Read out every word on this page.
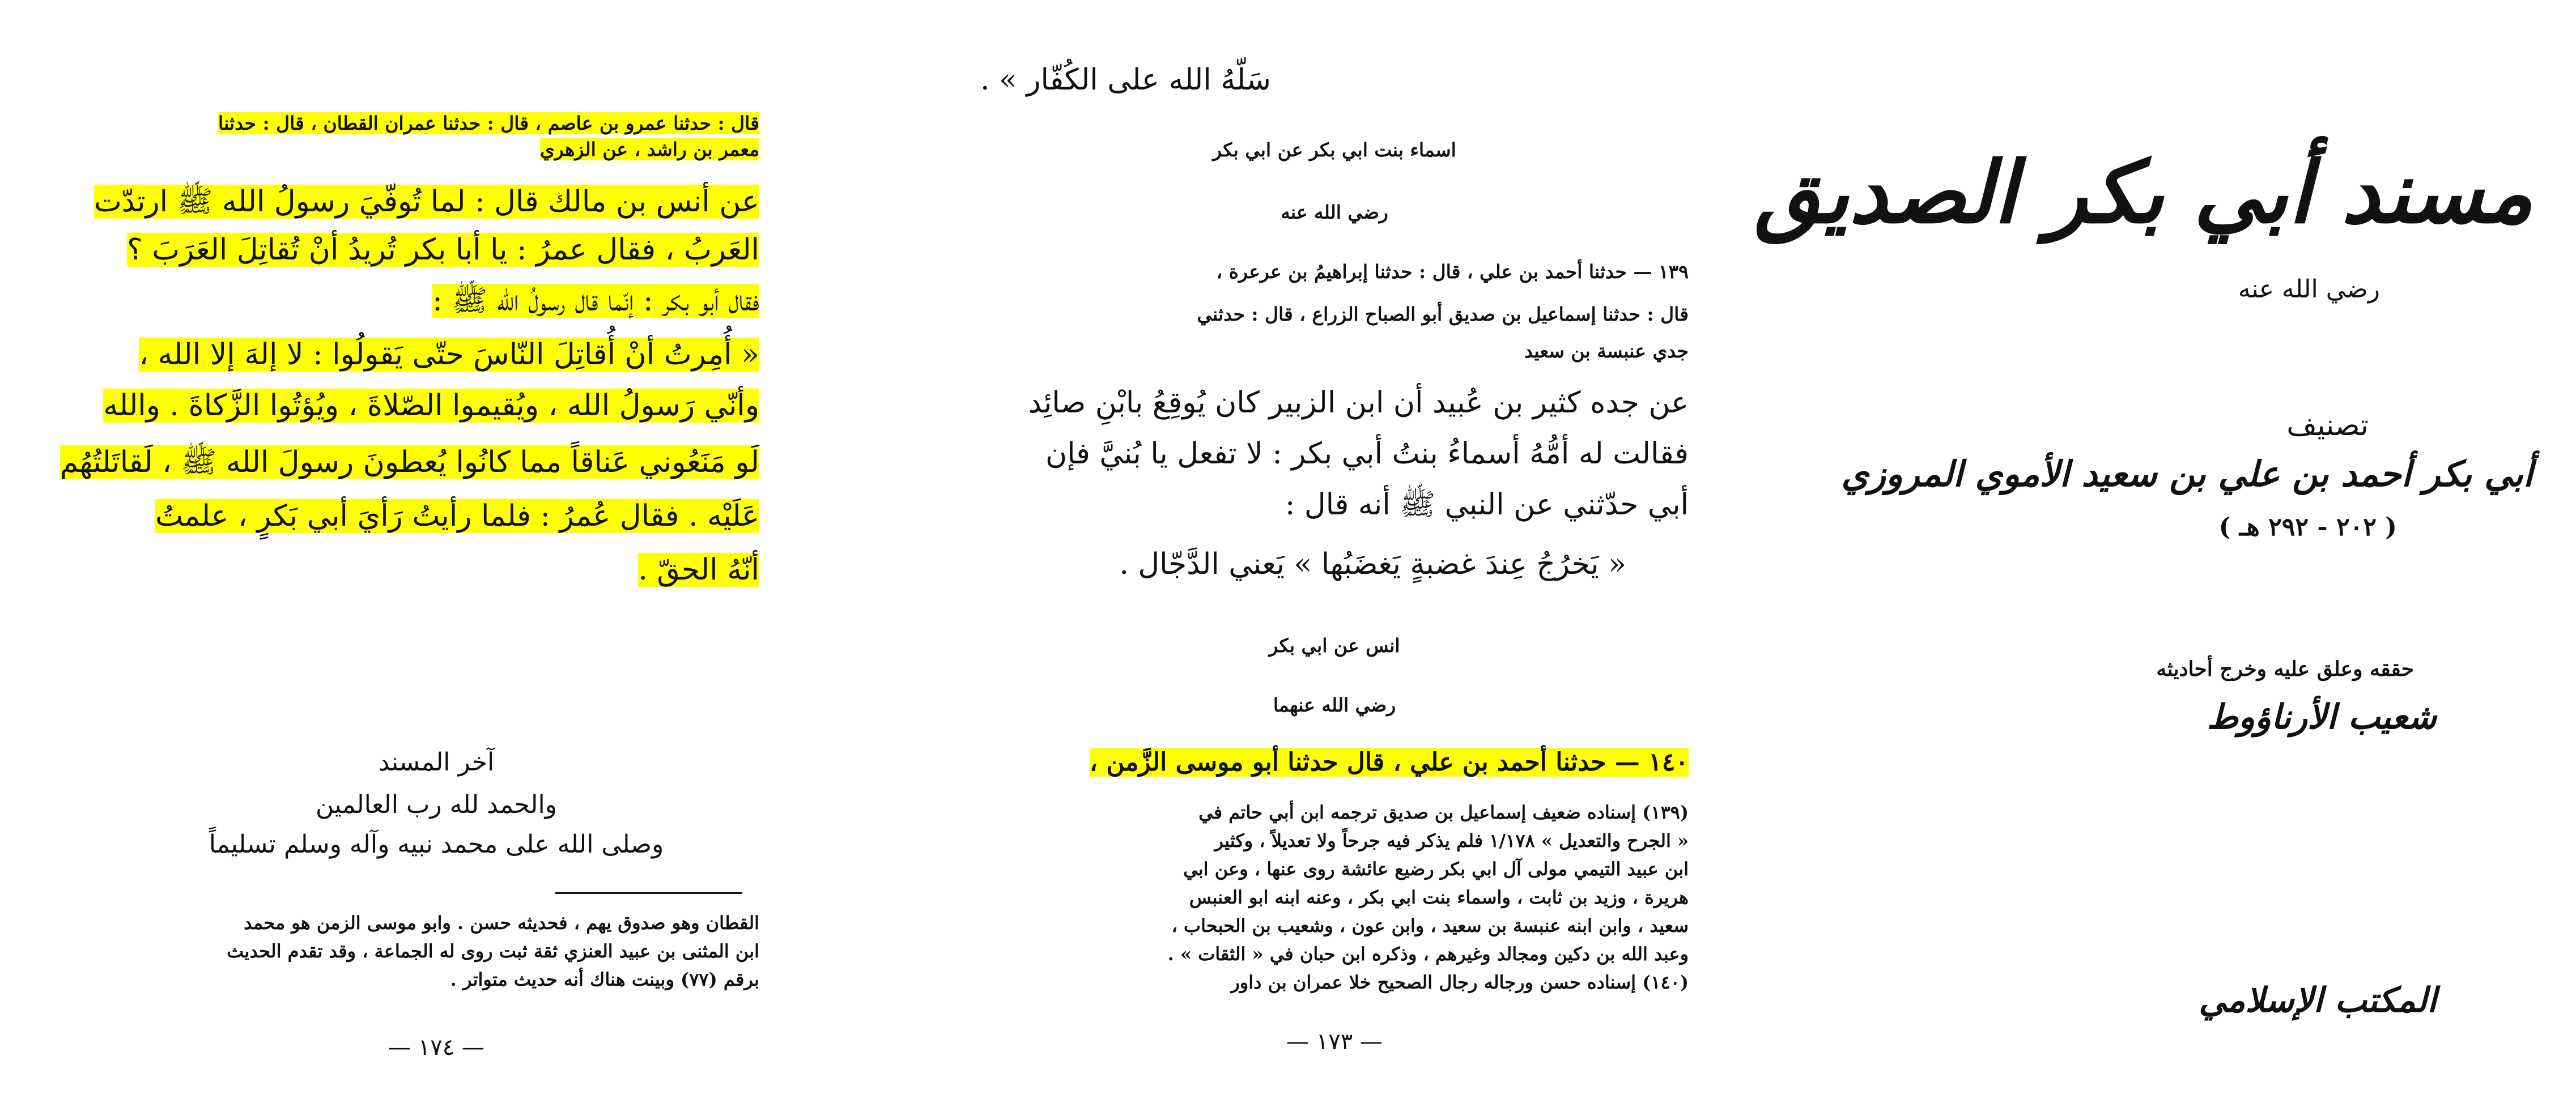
قال : حدثنا عمرو بن عاصم ، قال : حدثنا عمران القطان ، قال : حدثنا
معمر بن راشد ، عن الزهري
عن أنس بن مالك قال : لما تُوفّيَ رسولُ الله ﷺ ارتدّت
العَربُ ، فقال عمرُ : يا أبا بكر تُريدُ أنْ تُقاتِلَ العَرَبَ ؟
فقال أبو بكر : إنّما قال رسولُ الله ﷺ :
« أُمِرتُ أنْ أُقاتِلَ النّاسَ حتّى يَقولُوا : لا إلهَ إلا الله ،
وأنّي رَسولُ الله ، ويُقيموا الصّلاةَ ، ويُؤتُوا الزَّكاةَ . والله
لَو مَنَعُوني عَناقاً مما كانُوا يُعطونَ رسولَ الله ﷺ ، لَقاتَلتُهُم
عَلَيْه . فقال عُمرُ : فلما رأيتُ رَأيَ أبي بَكرٍ ، علمتُ
أنّهُ الحقّ .
آخر المسند
والحمد لله رب العالمين
وصلى الله على محمد نبيه وآله وسلم تسليماً
القطان وهو صدوق يهم ، فحديثه حسن . وابو موسى الزمن هو محمد
ابن المثنى بن عبيد العنزي ثقة ثبت روى له الجماعة ، وقد تقدم الحديث
برقم (٧٧) وبينت هناك أنه حديث متواتر .
— ١٧٤ —
سَلّهُ الله على الكُفّار » .
اسماء بنت ابي بكر عن ابي بكر
رضي الله عنه
١٣٩ — حدثنا أحمد بن علي ، قال : حدثنا إبراهيمُ بن عرعرة ،
قال : حدثنا إسماعيل بن صديق أبو الصباح الزراع ، قال : حدثني
جدي عنبسة بن سعيد
عن جده كثير بن عُبيد أن ابن الزبير كان يُوقِعُ بابْنِ صائِد
فقالت له أمُّهُ أسماءُ بنتُ أبي بكر : لا تفعل يا بُنيَّ فإن
أبي حدّثني عن النبي ﷺ أنه قال :
« يَخرُجُ عِندَ غضبةٍ يَغضَبُها » يَعني الدَّجّال .
انس عن ابي بكر
رضي الله عنهما
١٤٠ — حدثنا أحمد بن علي ، قال حدثنا أبو موسى الزَّمن ،
(١٣٩) إسناده ضعيف إسماعيل بن صديق ترجمه ابن أبي حاتم في
« الجرح والتعديل » ١/١٧٨ فلم يذكر فيه جرحاً ولا تعديلاً ، وكثير
ابن عبيد التيمي مولى آل ابي بكر رضيع عائشة روى عنها ، وعن ابي
هريرة ، وزيد بن ثابت ، واسماء بنت ابي بكر ، وعنه ابنه ابو العنبس
سعيد ، وابن ابنه عنبسة بن سعيد ، وابن عون ، وشعيب بن الحبحاب ،
وعبد الله بن دكين ومجالد وغيرهم ، وذكره ابن حبان في « الثقات » .
(١٤٠) إسناده حسن ورجاله رجال الصحيح خلا عمران بن داور
— ١٧٣ —
مسند أبي بكر الصديق
رضي الله عنه
تصنيف
أبي بكر أحمد بن علي بن سعيد الأموي المروزي
( ٢٠٢ - ٢٩٢ هـ )
حققه وعلق عليه وخرج أحاديثه
شعيب الأرناؤوط
المكتب الإسلامي
